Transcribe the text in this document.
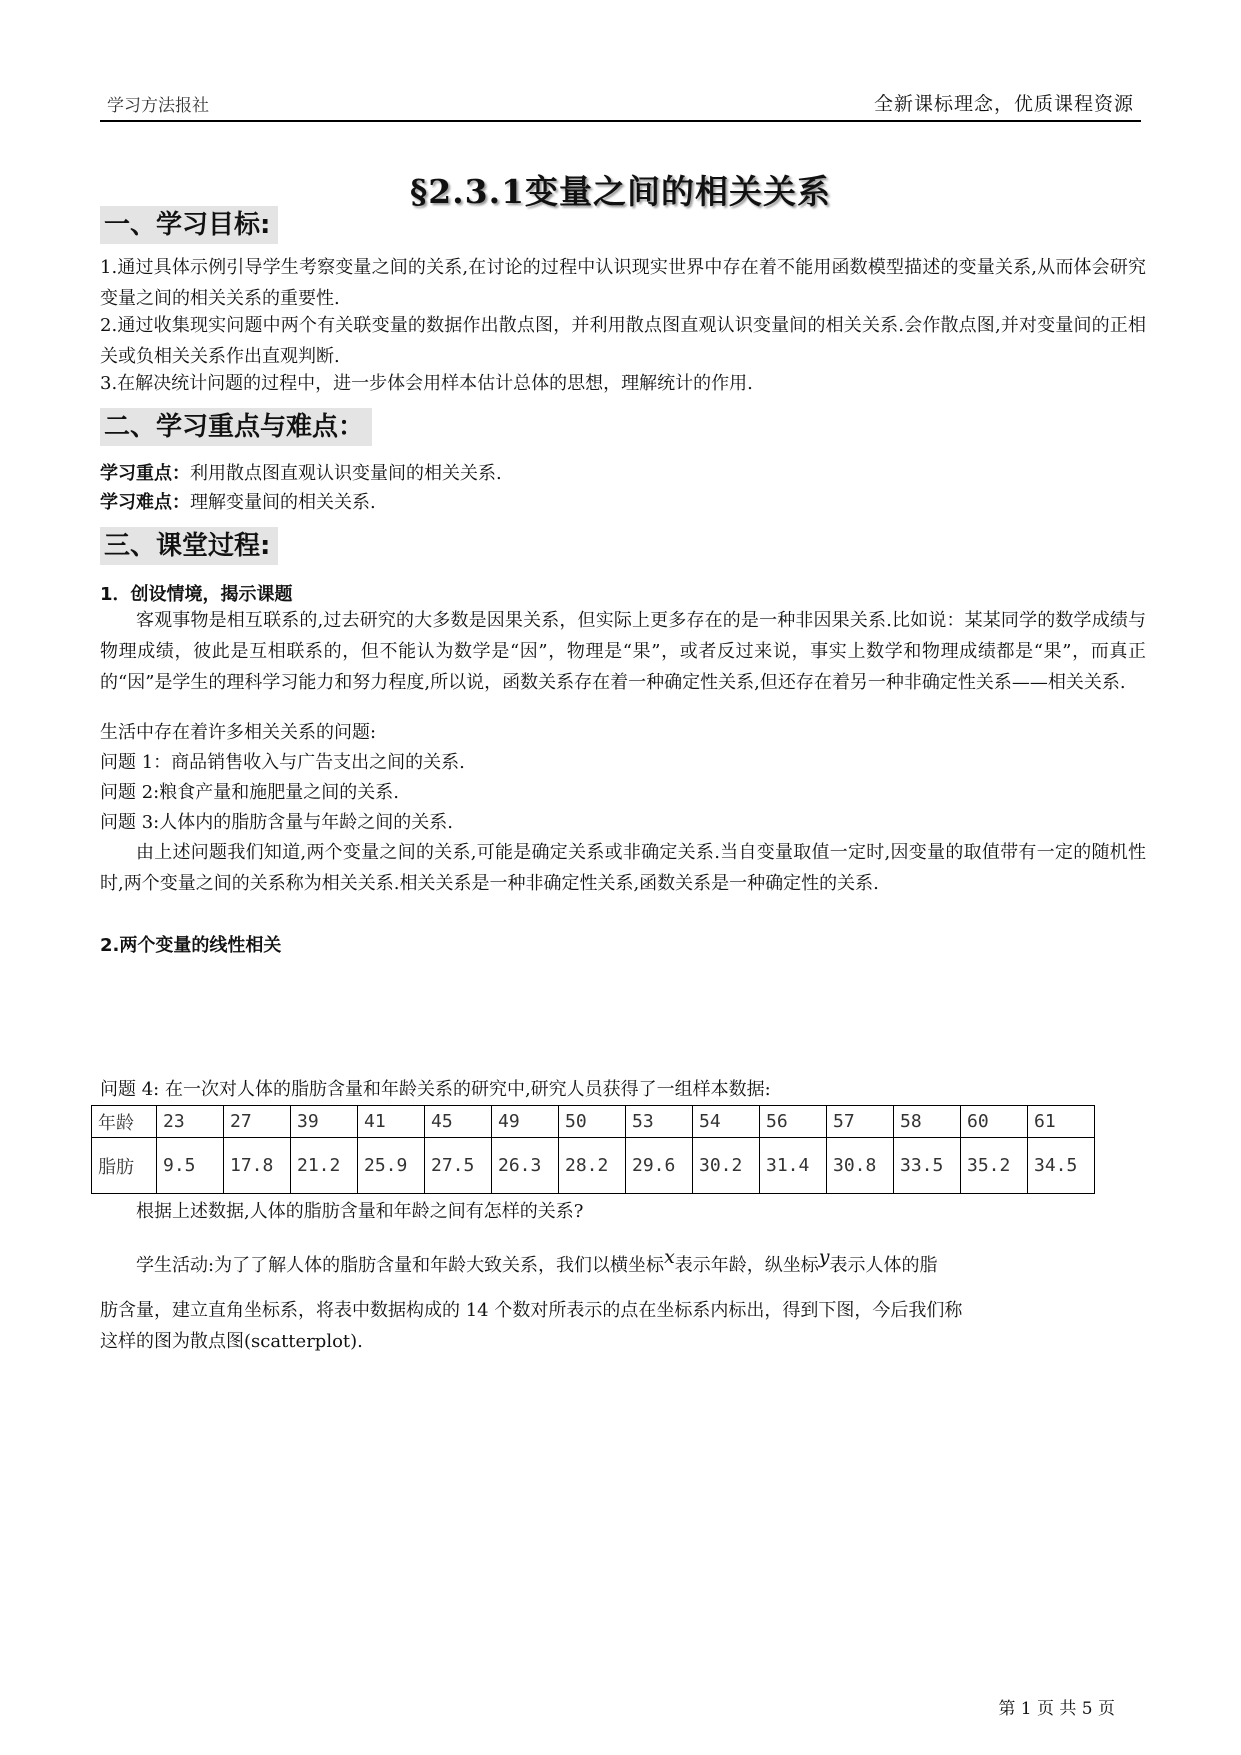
学习方法报社	全新课标理念，优质课程资源
§2.3.1变量之间的相关关系
一、学习目标:
1.通过具体示例引导学生考察变量之间的关系,在讨论的过程中认识现实世界中存在着不能用函数模型描述的变量关系,从而体会研究变量之间的相关关系的重要性.
2.通过收集现实问题中两个有关联变量的数据作出散点图，并利用散点图直观认识变量间的相关关系.会作散点图,并对变量间的正相关或负相关关系作出直观判断.
3.在解决统计问题的过程中，进一步体会用样本估计总体的思想，理解统计的作用.
二、学习重点与难点：
学习重点：利用散点图直观认识变量间的相关关系.
学习难点：理解变量间的相关关系.
三、课堂过程:
1．创设情境，揭示课题
客观事物是相互联系的,过去研究的大多数是因果关系，但实际上更多存在的是一种非因果关系.比如说：某某同学的数学成绩与物理成绩，彼此是互相联系的，但不能认为数学是“因”，物理是“果”，或者反过来说，事实上数学和物理成绩都是“果”，而真正的“因”是学生的理科学习能力和努力程度,所以说，函数关系存在着一种确定性关系,但还存在着另一种非确定性关系——相关关系.
生活中存在着许多相关关系的问题:
问题 1：商品销售收入与广告支出之间的关系.
问题 2:粮食产量和施肥量之间的关系.
问题 3:人体内的脂肪含量与年龄之间的关系.
由上述问题我们知道,两个变量之间的关系,可能是确定关系或非确定关系.当自变量取值一定时,因变量的取值带有一定的随机性时,两个变量之间的关系称为相关关系.相关关系是一种非确定性关系,函数关系是一种确定性的关系.
2.两个变量的线性相关
问题 4: 在一次对人体的脂肪含量和年龄关系的研究中,研究人员获得了一组样本数据:
年龄	23	27	39	41	45	49	50	53	54	56	57	58	60	61
脂肪	9.5	17.8	21.2	25.9	27.5	26.3	28.2	29.6	30.2	31.4	30.8	33.5	35.2	34.5
根据上述数据,人体的脂肪含量和年龄之间有怎样的关系?
学生活动:为了了解人体的脂肪含量和年龄大致关系，我们以横坐标x表示年龄，纵坐标y表示人体的脂
肪含量，建立直角坐标系，将表中数据构成的 14 个数对所表示的点在坐标系内标出，得到下图，今后我们称
这样的图为散点图(scatterplot).
第 1 页 共 5 页
